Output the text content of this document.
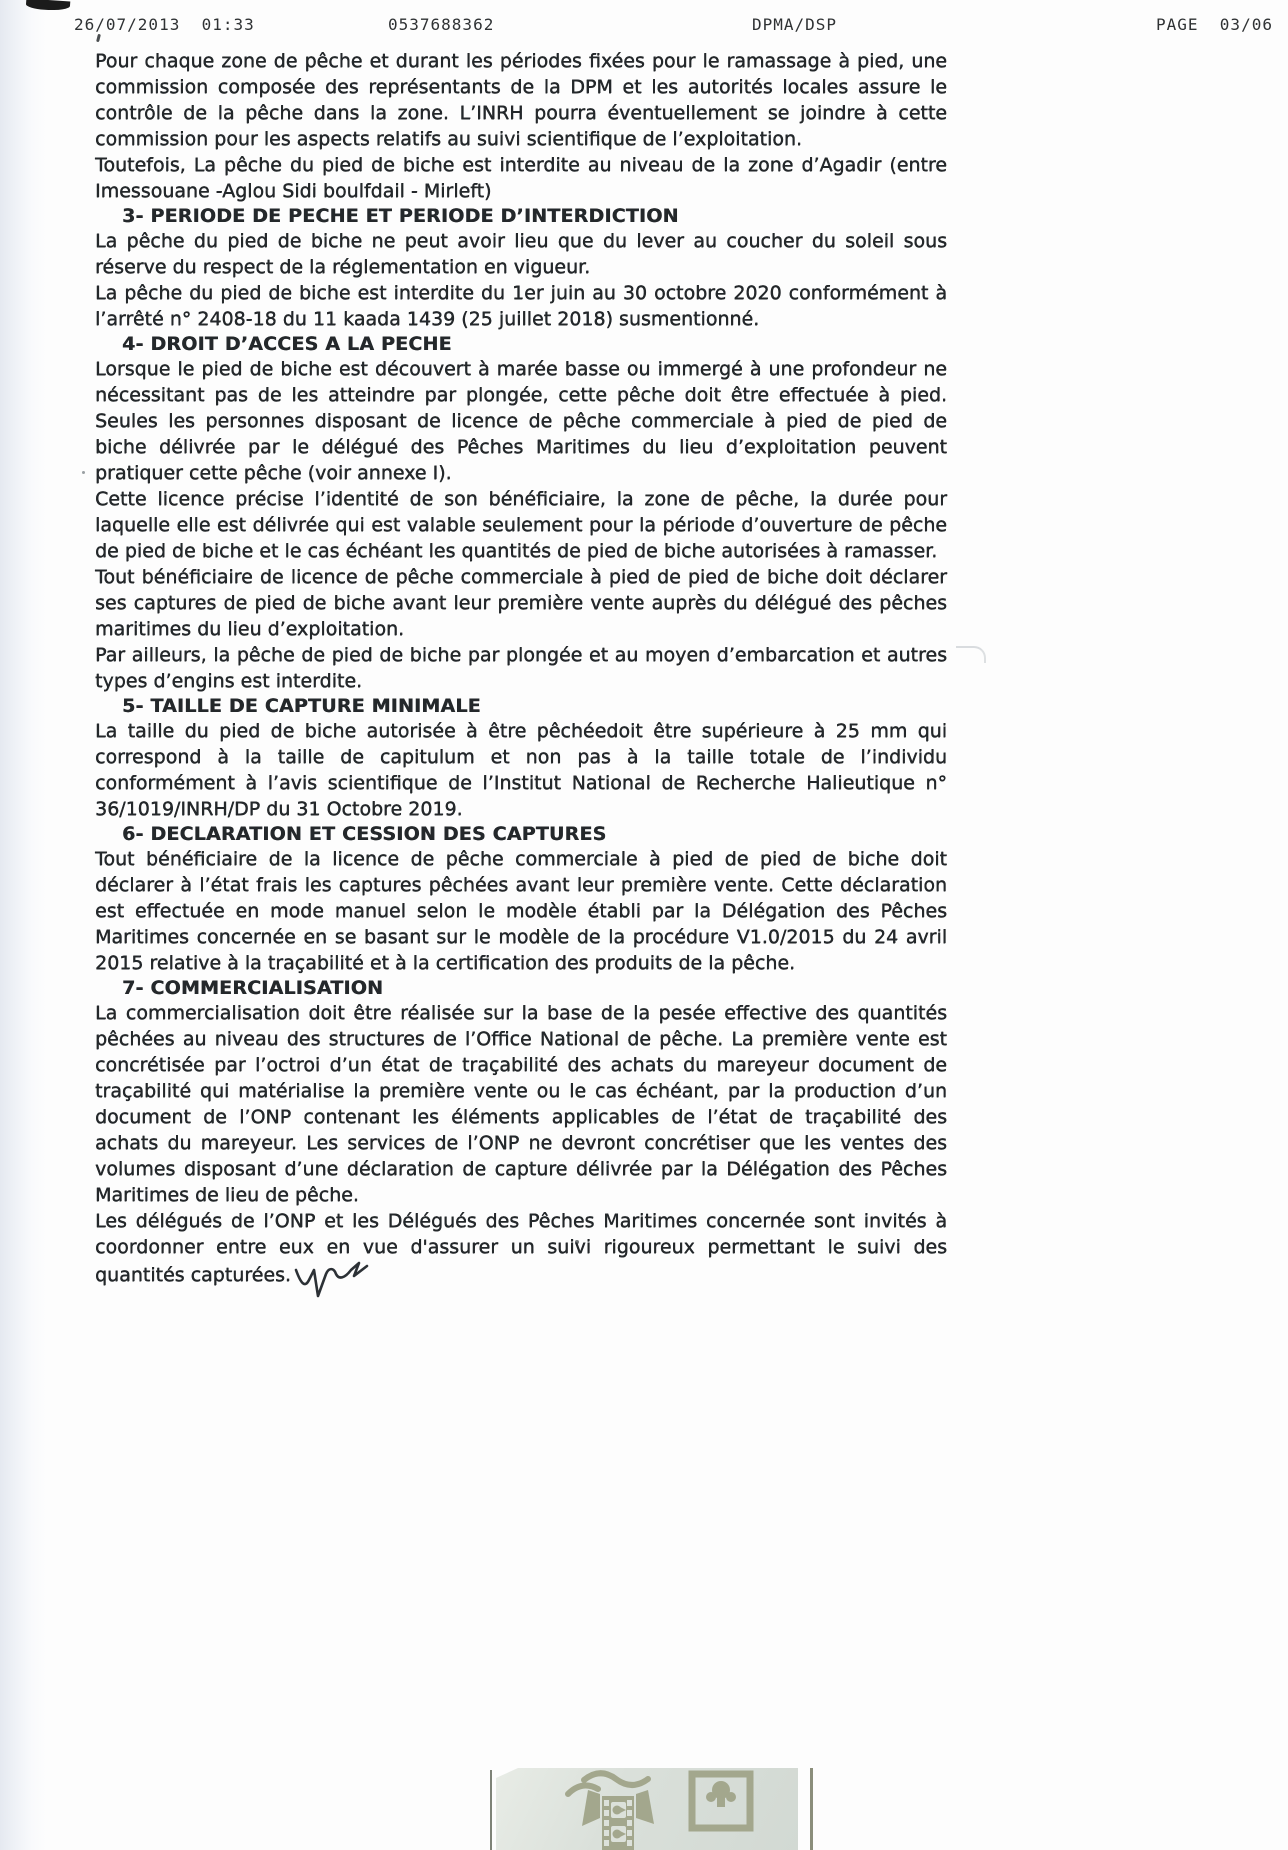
26/07/2013  01:33	0537688362	DPMA/DSP	PAGE  03/06

Pour chaque zone de pêche et durant les périodes fixées pour le ramassage à pied, une commission composée des représentants de la DPM et les autorités locales assure le contrôle de la pêche dans la zone. L’INRH pourra éventuellement se joindre à cette commission pour les aspects relatifs au suivi scientifique de l’exploitation.

Toutefois, La pêche du pied de biche est interdite au niveau de la zone d’Agadir (entre Imessouane -Aglou Sidi boulfdail - Mirleft)

3- PERIODE DE PECHE ET PERIODE D’INTERDICTION

La pêche du pied de biche ne peut avoir lieu que du lever au coucher du soleil sous réserve du respect de la réglementation en vigueur.

La pêche du pied de biche est interdite du 1er juin au 30 octobre 2020 conformément à l’arrêté n° 2408-18 du 11 kaada 1439 (25 juillet 2018) susmentionné.

4- DROIT D’ACCES A LA PECHE

Lorsque le pied de biche est découvert à marée basse ou immergé à une profondeur ne nécessitant pas de les atteindre par plongée, cette pêche doit être effectuée à pied. Seules les personnes disposant de licence de pêche commerciale à pied de pied de biche délivrée par le délégué des Pêches Maritimes du lieu d’exploitation peuvent pratiquer cette pêche (voir annexe I).

Cette licence précise l’identité de son bénéficiaire, la zone de pêche, la durée pour laquelle elle est délivrée qui est valable seulement pour la période d’ouverture de pêche de pied de biche et le cas échéant les quantités de pied de biche autorisées à ramasser.

Tout bénéficiaire de licence de pêche commerciale à pied de pied de biche doit déclarer ses captures de pied de biche avant leur première vente auprès du délégué des pêches maritimes du lieu d’exploitation.

Par ailleurs, la pêche de pied de biche par plongée et au moyen d’embarcation et autres types d’engins est interdite.

5- TAILLE DE CAPTURE MINIMALE

La taille du pied de biche autorisée à être pêchéedoit être supérieure à 25 mm qui correspond à la taille de capitulum et non pas à la taille totale de l’individu conformément à l’avis scientifique de l’Institut National de Recherche Halieutique n° 36/1019/INRH/DP du 31 Octobre 2019.

6- DECLARATION ET CESSION DES CAPTURES

Tout bénéficiaire de la licence de pêche commerciale à pied de pied de biche doit déclarer à l’état frais les captures pêchées avant leur première vente. Cette déclaration est effectuée en mode manuel selon le modèle établi par la Délégation des Pêches Maritimes concernée en se basant sur le modèle de la procédure V1.0/2015 du 24 avril 2015 relative à la traçabilité et à la certification des produits de la pêche.

7- COMMERCIALISATION

La commercialisation doit être réalisée sur la base de la pesée effective des quantités pêchées au niveau des structures de l’Office National de pêche. La première vente est concrétisée par l’octroi d’un état de traçabilité des achats du mareyeur document de traçabilité qui matérialise la première vente ou le cas échéant, par la production d’un document de l’ONP contenant les éléments applicables de l’état de traçabilité des achats du mareyeur. Les services de l’ONP ne devront concrétiser que les ventes des volumes disposant d’une déclaration de capture délivrée par la Délégation des Pêches Maritimes de lieu de pêche.

Les délégués de l’ONP et les Délégués des Pêches Maritimes concernée sont invités à coordonner entre eux en vue d'assurer un suivi rigoureux permettant le suivi des quantités capturées.
